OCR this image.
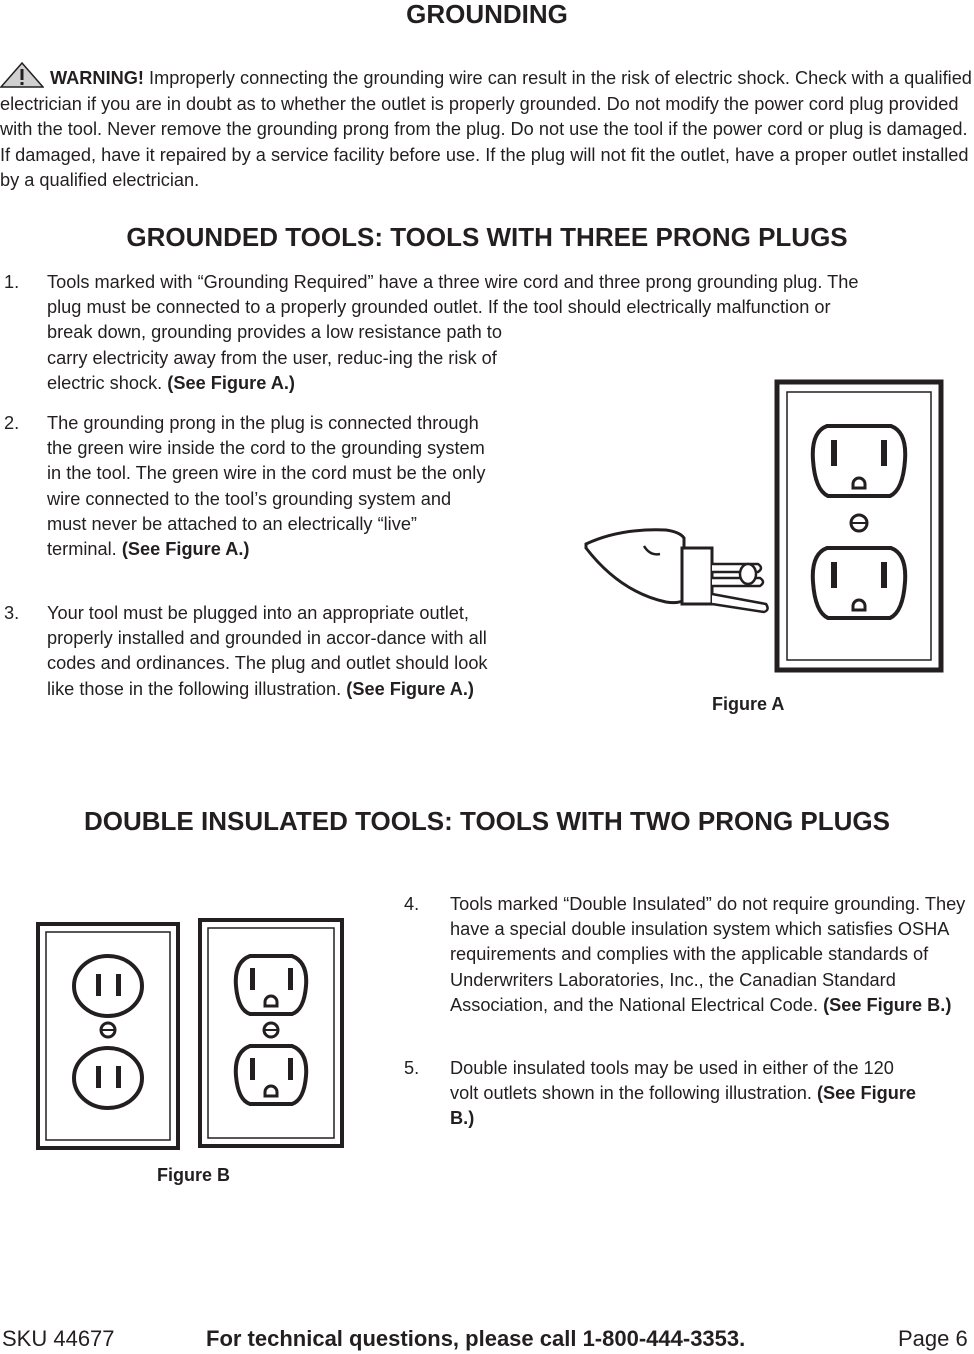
GROUNDING

WARNING! Improperly connecting the grounding wire can result in the risk of electric shock. Check with a qualified electrician if you are in doubt as to whether the outlet is properly grounded. Do not modify the power cord plug provided with the tool. Never remove the grounding prong from the plug. Do not use the tool if the power cord or plug is damaged. If damaged, have it repaired by a service facility before use. If the plug will not fit the outlet, have a proper outlet installed by a qualified electrician.

GROUNDED TOOLS: TOOLS WITH THREE PRONG PLUGS
1. Tools marked with “Grounding Required” have a three wire cord and three prong grounding plug. The
plug must be connected to a properly grounded outlet. If the tool should electrically malfunction or
break down, grounding provides a low resistance path to carry electricity away from the user, reduc-ing the risk of electric shock. (See Figure A.)
2. The grounding prong in the plug is connected through the green wire inside the cord to the grounding system in the tool. The green wire in the cord must be the only wire connected to the tool’s grounding system and must never be attached to an electrically “live” terminal. (See Figure A.)
3. Your tool must be plugged into an appropriate outlet, properly installed and grounded in accor-dance with all codes and ordinances. The plug and outlet should look like those in the following illustration. (See Figure A.)
Figure A
DOUBLE INSULATED TOOLS: TOOLS WITH TWO PRONG PLUGS
Figure B
4. Tools marked “Double Insulated” do not require grounding. They have a special double insulation system which satisfies OSHA requirements and complies with the applicable standards of Underwriters Laboratories, Inc., the Canadian Standard Association, and the National Electrical Code. (See Figure B.)
5. Double insulated tools may be used in either of the 120 volt outlets shown in the following illustration. (See Figure B.)
SKU 44677	For technical questions, please call 1-800-444-3353.	Page 6
